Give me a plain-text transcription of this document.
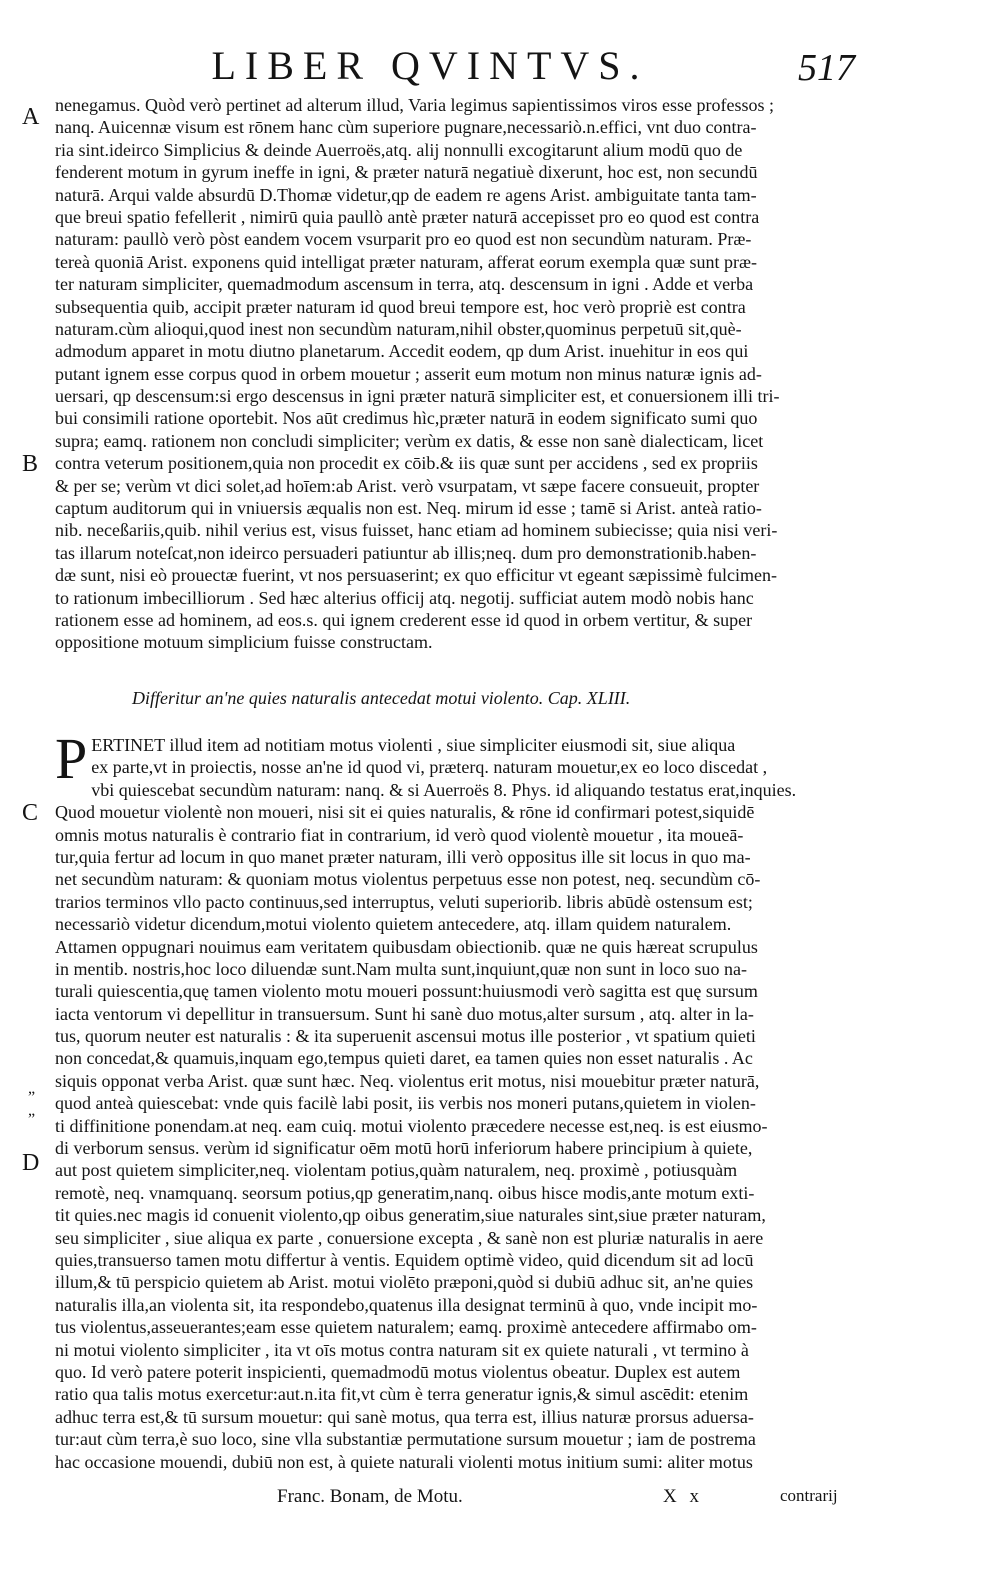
LIBER QVINTVS.	517
A
B
C
D
„
„
nenegamus. Quòd verò pertinet ad alterum illud, Varia legimus sapientissimos viros esse professos ;
nanq. Auicennæ visum est rōnem hanc cùm superiore pugnare,necessariò.n.effici, vnt duo contra-
ria sint.ideirco Simplicius & deinde Auerroës,atq. alij nonnulli excogitarunt alium modū quo de
fenderent motum in gyrum ineffe in igni, & præter naturā negatiuè dixerunt, hoc est, non secundū
naturā. Arqui valde absurdū D.Thomæ videtur,qp de eadem re agens Arist. ambiguitate tanta tam-
que breui spatio fefellerit , nimirū quia paullò antè præter naturā accepisset pro eo quod est contra
naturam: paullò verò pòst eandem vocem vsurparit pro eo quod est non secundùm naturam. Præ-
tereà quoniā Arist. exponens quid intelligat præter naturam, afferat eorum exempla quæ sunt præ-
ter naturam simpliciter, quemadmodum ascensum in terra, atq. descensum in igni . Adde et verba
subsequentia quib, accipit præter naturam id quod breui tempore est, hoc verò propriè est contra
naturam.cùm alioqui,quod inest non secundùm naturam,nihil obster,quominus perpetuū sit,què-
admodum apparet in motu diutno planetarum. Accedit eodem, qp dum Arist. inuehitur in eos qui
putant ignem esse corpus quod in orbem mouetur ; asserit eum motum non minus naturæ ignis ad-
uersari, qp descensum:si ergo descensus in igni præter naturā simpliciter est, et conuersionem illi tri-
bui consimili ratione oportebit. Nos aūt credimus hìc,præter naturā in eodem significato sumi quo
supra; eamq. rationem non concludi simpliciter; verùm ex datis, & esse non sanè dialecticam, licet
contra veterum positionem,quia non procedit ex cōib.& iis quæ sunt per accidens , sed ex propriis
& per se; verùm vt dici solet,ad hoīem:ab Arist. verò vsurpatam, vt sæpe facere consueuit, propter
captum auditorum qui in vniuersis æqualis non est. Neq. mirum id esse ; tamē si Arist. anteà ratio-
nib. neceßariis,quib. nihil verius est, visus fuisset, hanc etiam ad hominem subiecisse; quia nisi veri-
tas illarum noteſcat,non ideirco persuaderi patiuntur ab illis;neq. dum pro demonstrationib.haben-
dæ sunt, nisi eò prouectæ fuerint, vt nos persuaserint; ex quo efficitur vt egeant sæpissimè fulcimen-
to rationum imbecilliorum . Sed hæc alterius officij atq. negotij. sufficiat autem modò nobis hanc
rationem esse ad hominem, ad eos.s. qui ignem crederent esse id quod in orbem vertitur, & super
oppositione motuum simplicium fuisse constructam.
Differitur an'ne quies naturalis antecedat motui violento. Cap. XLIII.
P ERTINET illud item ad notitiam motus violenti , siue simpliciter eiusmodi sit, siue aliqua
ex parte,vt in proiectis, nosse an'ne id quod vi, præterq. naturam mouetur,ex eo loco discedat ,
vbi quiescebat secundùm naturam: nanq. & si Auerroës 8. Phys. id aliquando testatus erat,inquies.
Quod mouetur violentè non moueri, nisi sit ei quies naturalis, & rōne id confirmari potest,siquidē
omnis motus naturalis è contrario fiat in contrarium, id verò quod violentè mouetur , ita moueā-
tur,quia fertur ad locum in quo manet præter naturam, illi verò oppositus ille sit locus in quo ma-
net secundùm naturam: & quoniam motus violentus perpetuus esse non potest, neq. secundùm cō-
trarios terminos vllo pacto continuus,sed interruptus, veluti superiorib. libris abūdè ostensum est;
necessariò videtur dicendum,motui violento quietem antecedere, atq. illam quidem naturalem.
Attamen oppugnari nouimus eam veritatem quibusdam obiectionib. quæ ne quis hæreat scrupulus
in mentib. nostris,hoc loco diluendæ sunt.Nam multa sunt,inquiunt,quæ non sunt in loco suo na-
turali quiescentia,quę tamen violento motu moueri possunt:huiusmodi verò sagitta est quę sursum
iacta ventorum vi depellitur in transuersum. Sunt hi sanè duo motus,alter sursum , atq. alter in la-
tus, quorum neuter est naturalis : & ita superuenit ascensui motus ille posterior , vt spatium quieti
non concedat,& quamuis,inquam ego,tempus quieti daret, ea tamen quies non esset naturalis . Ac
siquis opponat verba Arist. quæ sunt hæc. Neq. violentus erit motus, nisi mouebitur præter naturā,
quod anteà quiescebat: vnde quis facilè labi posit, iis verbis nos moneri putans,quietem in violen-
ti diffinitione ponendam.at neq. eam cuiq. motui violento præcedere necesse est,neq. is est eiusmo-
di verborum sensus. verùm id significatur oēm motū horū inferiorum habere principium à quiete,
aut post quietem simpliciter,neq. violentam potius,quàm naturalem, neq. proximè , potiusquàm
remotè, neq. vnamquanq. seorsum potius,qp generatim,nanq. oibus hisce modis,ante motum exti-
tit quies.nec magis id conuenit violento,qp oibus generatim,siue naturales sint,siue præter naturam,
seu simpliciter , siue aliqua ex parte , conuersione excepta , & sanè non est pluriæ naturalis in aere
quies,transuerso tamen motu differtur à ventis. Equidem optimè video, quid dicendum sit ad locū
illum,& tū perspicio quietem ab Arist. motui violēto præponi,quòd si dubiū adhuc sit, an'ne quies
naturalis illa,an violenta sit, ita respondebo,quatenus illa designat terminū à quo, vnde incipit mo-
tus violentus,asseuerantes;eam esse quietem naturalem; eamq. proximè antecedere affirmabo om-
ni motui violento simpliciter , ita vt oīs motus contra naturam sit ex quiete naturali , vt termino à
quo. Id verò patere poterit inspicienti, quemadmodū motus violentus obeatur. Duplex est autem
ratio qua talis motus exercetur:aut.n.ita fit,vt cùm è terra generatur ignis,& simul ascēdit: etenim
adhuc terra est,& tū sursum mouetur: qui sanè motus, qua terra est, illius naturæ prorsus aduersa-
tur:aut cùm terra,è suo loco, sine vlla substantiæ permutatione sursum mouetur ; iam de postrema
hac occasione mouendi, dubiū non est, à quiete naturali violenti motus initium sumi: aliter motus
Franc. Bonam, de Motu.	X x	contrarij
